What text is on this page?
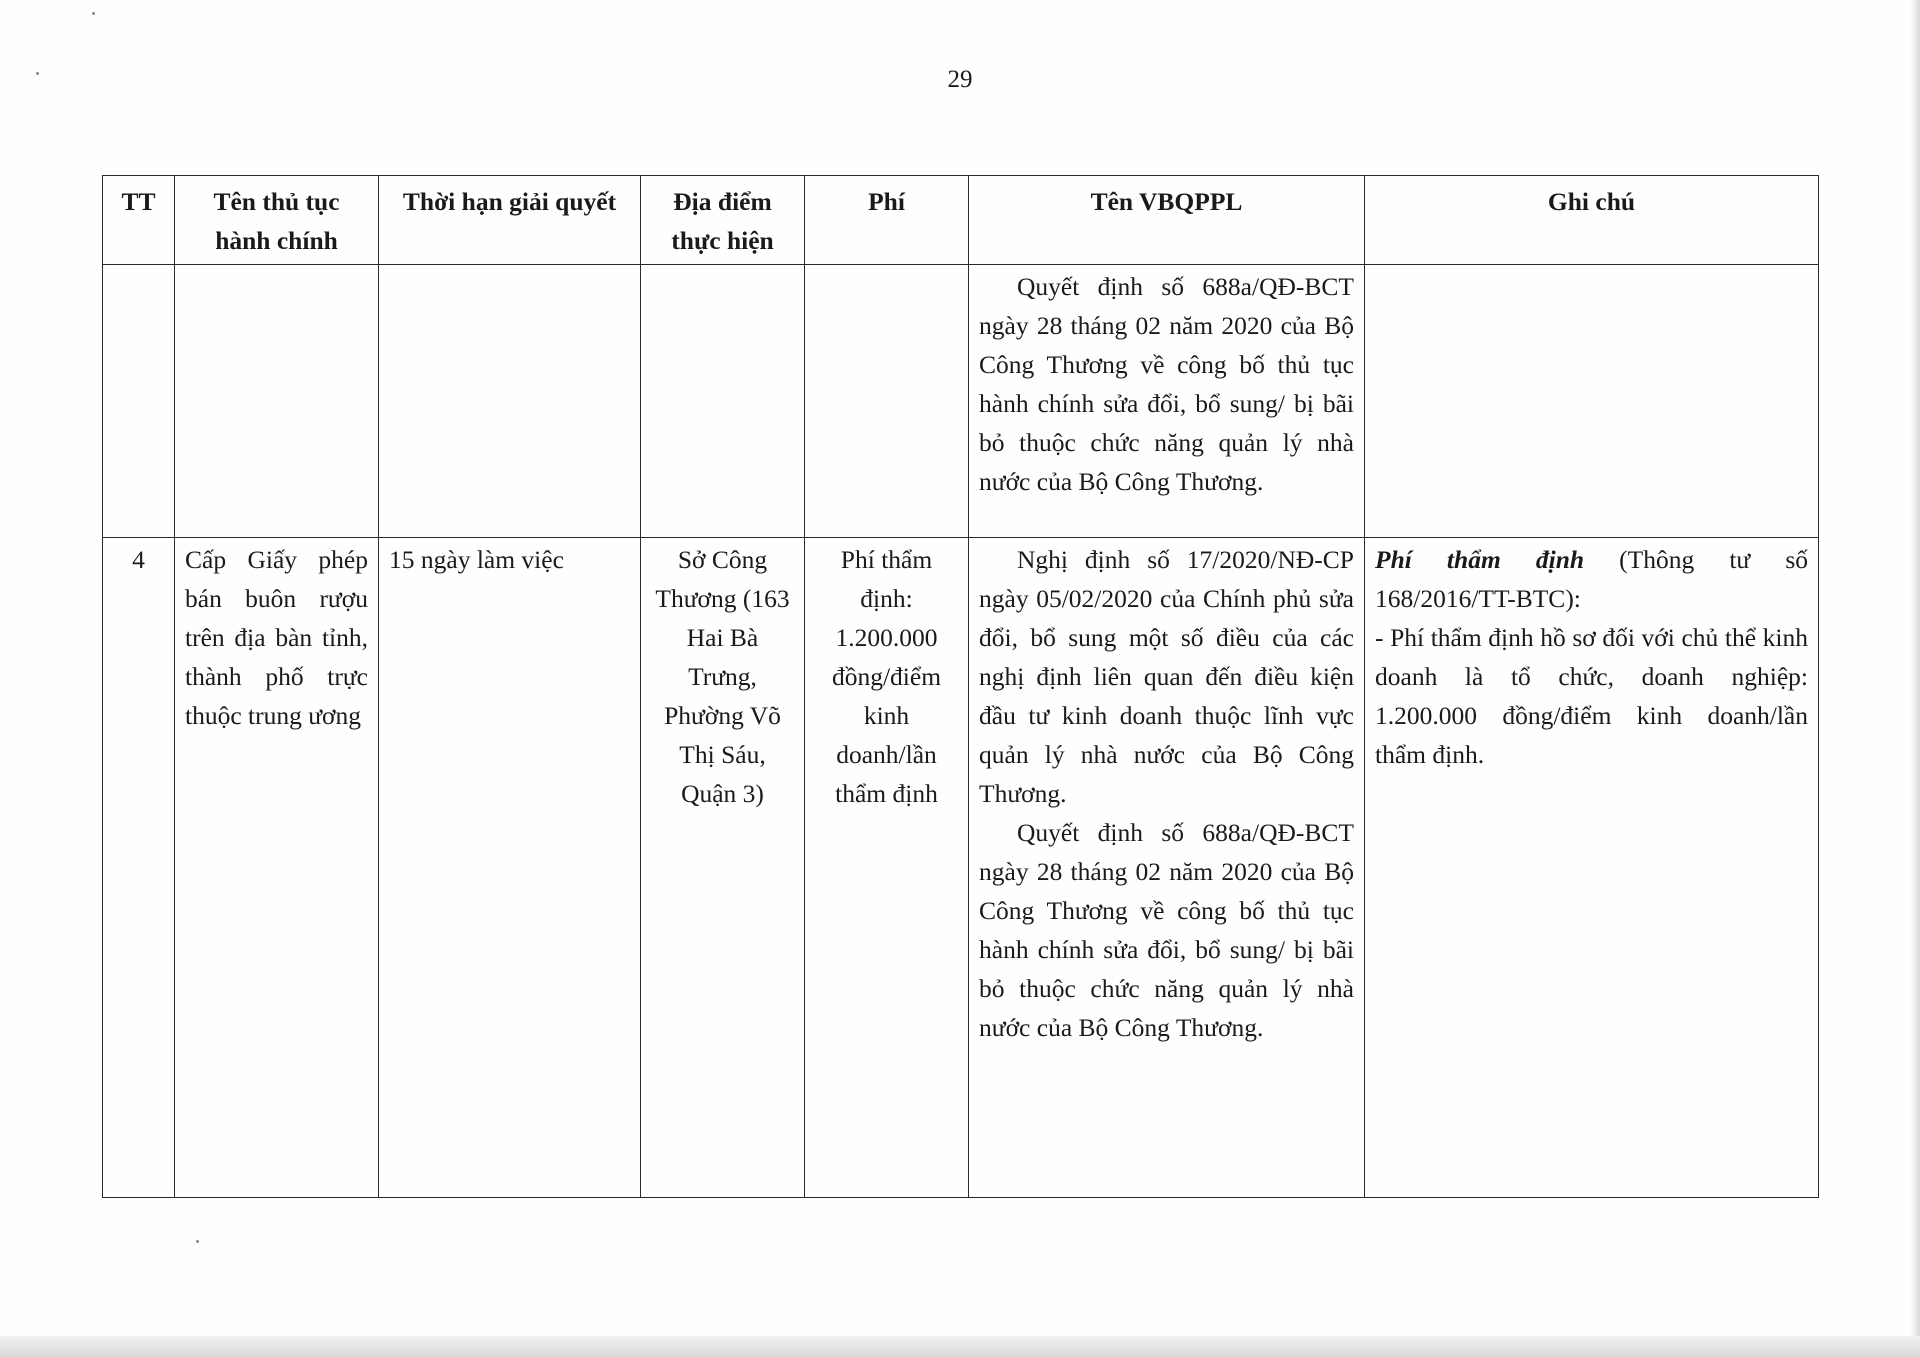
29
TT	Tên thủ tục hành chính	Thời hạn giải quyết	Địa điểm thực hiện	Phí	Tên VBQPPL	Ghi chú

					Quyết định số 688a/QĐ-BCT ngày 28 tháng 02 năm 2020 của Bộ Công Thương về công bố thủ tục hành chính sửa đổi, bổ sung/ bị bãi bỏ thuộc chức năng quản lý nhà nước của Bộ Công Thương.	

4	Cấp Giấy phép bán buôn rượu trên địa bàn tỉnh, thành phố trực thuộc trung ương	15 ngày làm việc	Sở Công Thương (163 Hai Bà Trưng, Phường Võ Thị Sáu, Quận 3)	Phí thẩm định: 1.200.000 đồng/điểm kinh doanh/lần thẩm định	Nghị định số 17/2020/NĐ-CP ngày 05/02/2020 của Chính phủ sửa đổi, bổ sung một số điều của các nghị định liên quan đến điều kiện đầu tư kinh doanh thuộc lĩnh vực quản lý nhà nước của Bộ Công Thương.
Quyết định số 688a/QĐ-BCT ngày 28 tháng 02 năm 2020 của Bộ Công Thương về công bố thủ tục hành chính sửa đổi, bổ sung/ bị bãi bỏ thuộc chức năng quản lý nhà nước của Bộ Công Thương.	Phí thẩm định (Thông tư số 168/2016/TT-BTC):
- Phí thẩm định hồ sơ đối với chủ thể kinh doanh là tổ chức, doanh nghiệp: 1.200.000 đồng/điểm kinh doanh/lần thẩm định.
